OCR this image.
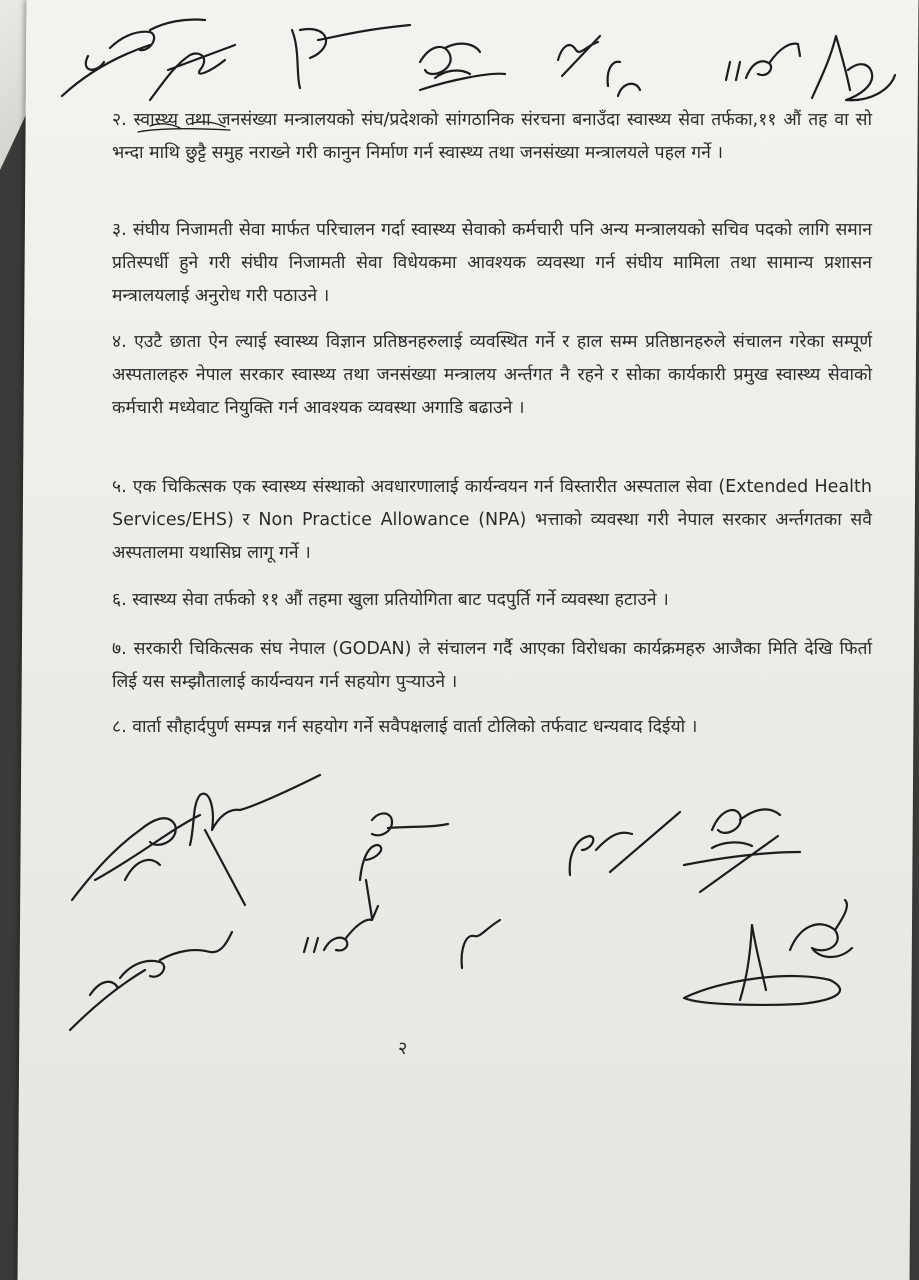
२. स्वास्थ्य तथा जनसंख्या मन्त्रालयको संघ/प्रदेशको सांगठानिक संरचना बनाउँदा स्वास्थ्य सेवा तर्फका,११ औं तह वा सो भन्दा माथि छुट्टै समुह नराख्ने गरी कानुन निर्माण गर्न स्वास्थ्य तथा जनसंख्या मन्त्रालयले पहल गर्ने ।
३. संघीय निजामती सेवा मार्फत परिचालन गर्दा स्वास्थ्य सेवाको कर्मचारी पनि अन्य मन्त्रालयको सचिव पदको लागि समान प्रतिस्पर्धी हुने गरी संघीय निजामती सेवा विधेयकमा आवश्यक व्यवस्था गर्न संघीय मामिला तथा सामान्य प्रशासन मन्त्रालयलाई अनुरोध गरी पठाउने ।
४. एउटै छाता ऐन ल्याई स्वास्थ्य विज्ञान प्रतिष्ठनहरुलाई व्यवस्थित गर्ने र हाल सम्म प्रतिष्ठानहरुले संचालन गरेका सम्पूर्ण अस्पतालहरु नेपाल सरकार स्वास्थ्य तथा जनसंख्या मन्त्रालय अर्न्तगत नै रहने र सोका कार्यकारी प्रमुख स्वास्थ्य सेवाको कर्मचारी मध्येवाट नियुक्ति गर्न आवश्यक व्यवस्था अगाडि बढाउने ।
५. एक चिकित्सक एक स्वास्थ्य संस्थाको अवधारणालाई कार्यन्वयन गर्न विस्तारीत अस्पताल सेवा (Extended Health Services/EHS) र Non Practice Allowance (NPA) भत्ताको व्यवस्था गरी नेपाल सरकार अर्न्तगतका सवै अस्पतालमा यथासिघ्र लागू गर्ने ।
६. स्वास्थ्य सेवा तर्फको ११ औं तहमा खुला प्रतियोगिता बाट पदपुर्ति गर्ने व्यवस्था हटाउने ।
७. सरकारी चिकित्सक संघ नेपाल (GODAN) ले संचालन गर्दै आएका विरोधका कार्यक्रमहरु आजैका मिति देखि फिर्ता लिई यस सम्झौतालाई कार्यन्वयन गर्न सहयोग पुर्‍याउने ।
८. वार्ता सौहार्दपुर्ण सम्पन्न गर्न सहयोग गर्ने सवैपक्षलाई वार्ता टोलिको तर्फवाट धन्यवाद दिईयो ।
२
